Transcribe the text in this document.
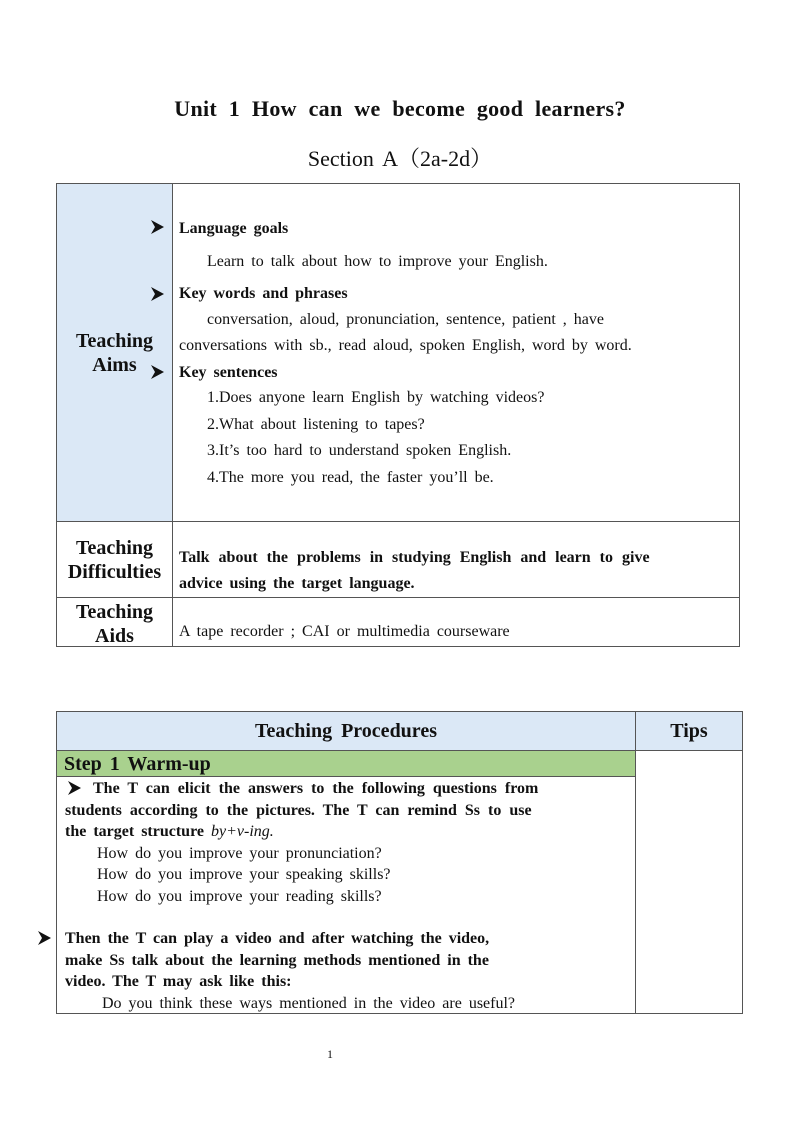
Unit 1 How can we become good learners?
Section A（2a-2d）
Teaching
Aims
Language goals
Learn to talk about how to improve your English.
Key words and phrases
conversation, aloud, pronunciation, sentence, patient , have
conversations with sb., read aloud, spoken English, word by word.
Key sentences
1.Does anyone learn English by watching videos?
2.What about listening to tapes?
3.It’s too hard to understand spoken English.
4.The more you read, the faster you’ll be.
Teaching
Difficulties
Talk about the problems in studying English and learn to give
advice using the target language.
Teaching
Aids	A tape recorder ; CAI or multimedia courseware
Teaching Procedures	Tips
Step 1 Warm-up
The T can elicit the answers to the following questions from
students according to the pictures. The T can remind Ss to use
the target structure by+v-ing.
How do you improve your pronunciation?
How do you improve your speaking skills?
How do you improve your reading skills?
Then the T can play a video and after watching the video,
make Ss talk about the learning methods mentioned in the
video. The T may ask like this:
Do you think these ways mentioned in the video are useful?
1
